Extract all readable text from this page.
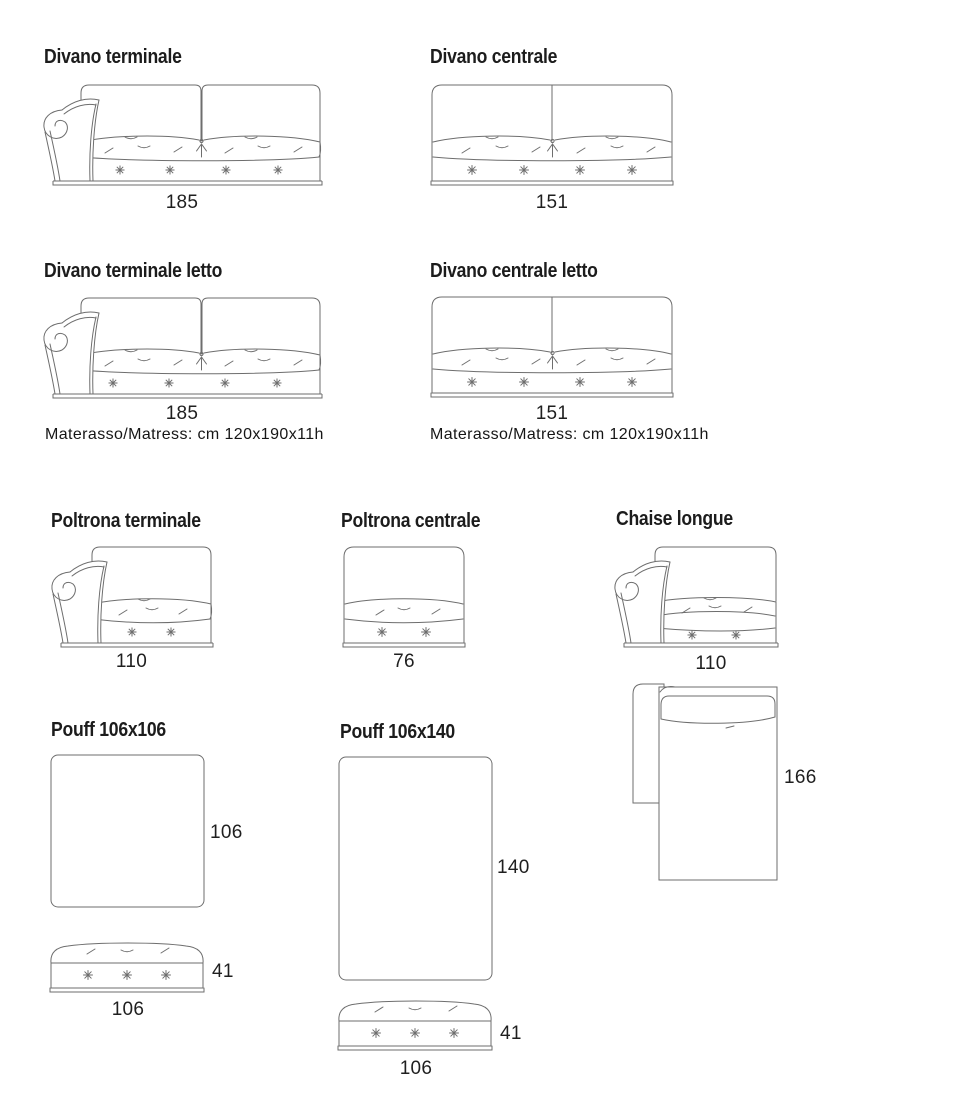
Divano terminale
185
Divano centrale
151
Divano terminale letto
185
Materasso/Matress: cm 120x190x11h
Divano centrale letto
151
Materasso/Matress: cm 120x190x11h
Poltrona terminale
110
Poltrona centrale
76
Chaise longue
110
166
Pouff 106x106
106
41
106
Pouff 106x140
140
41
106
